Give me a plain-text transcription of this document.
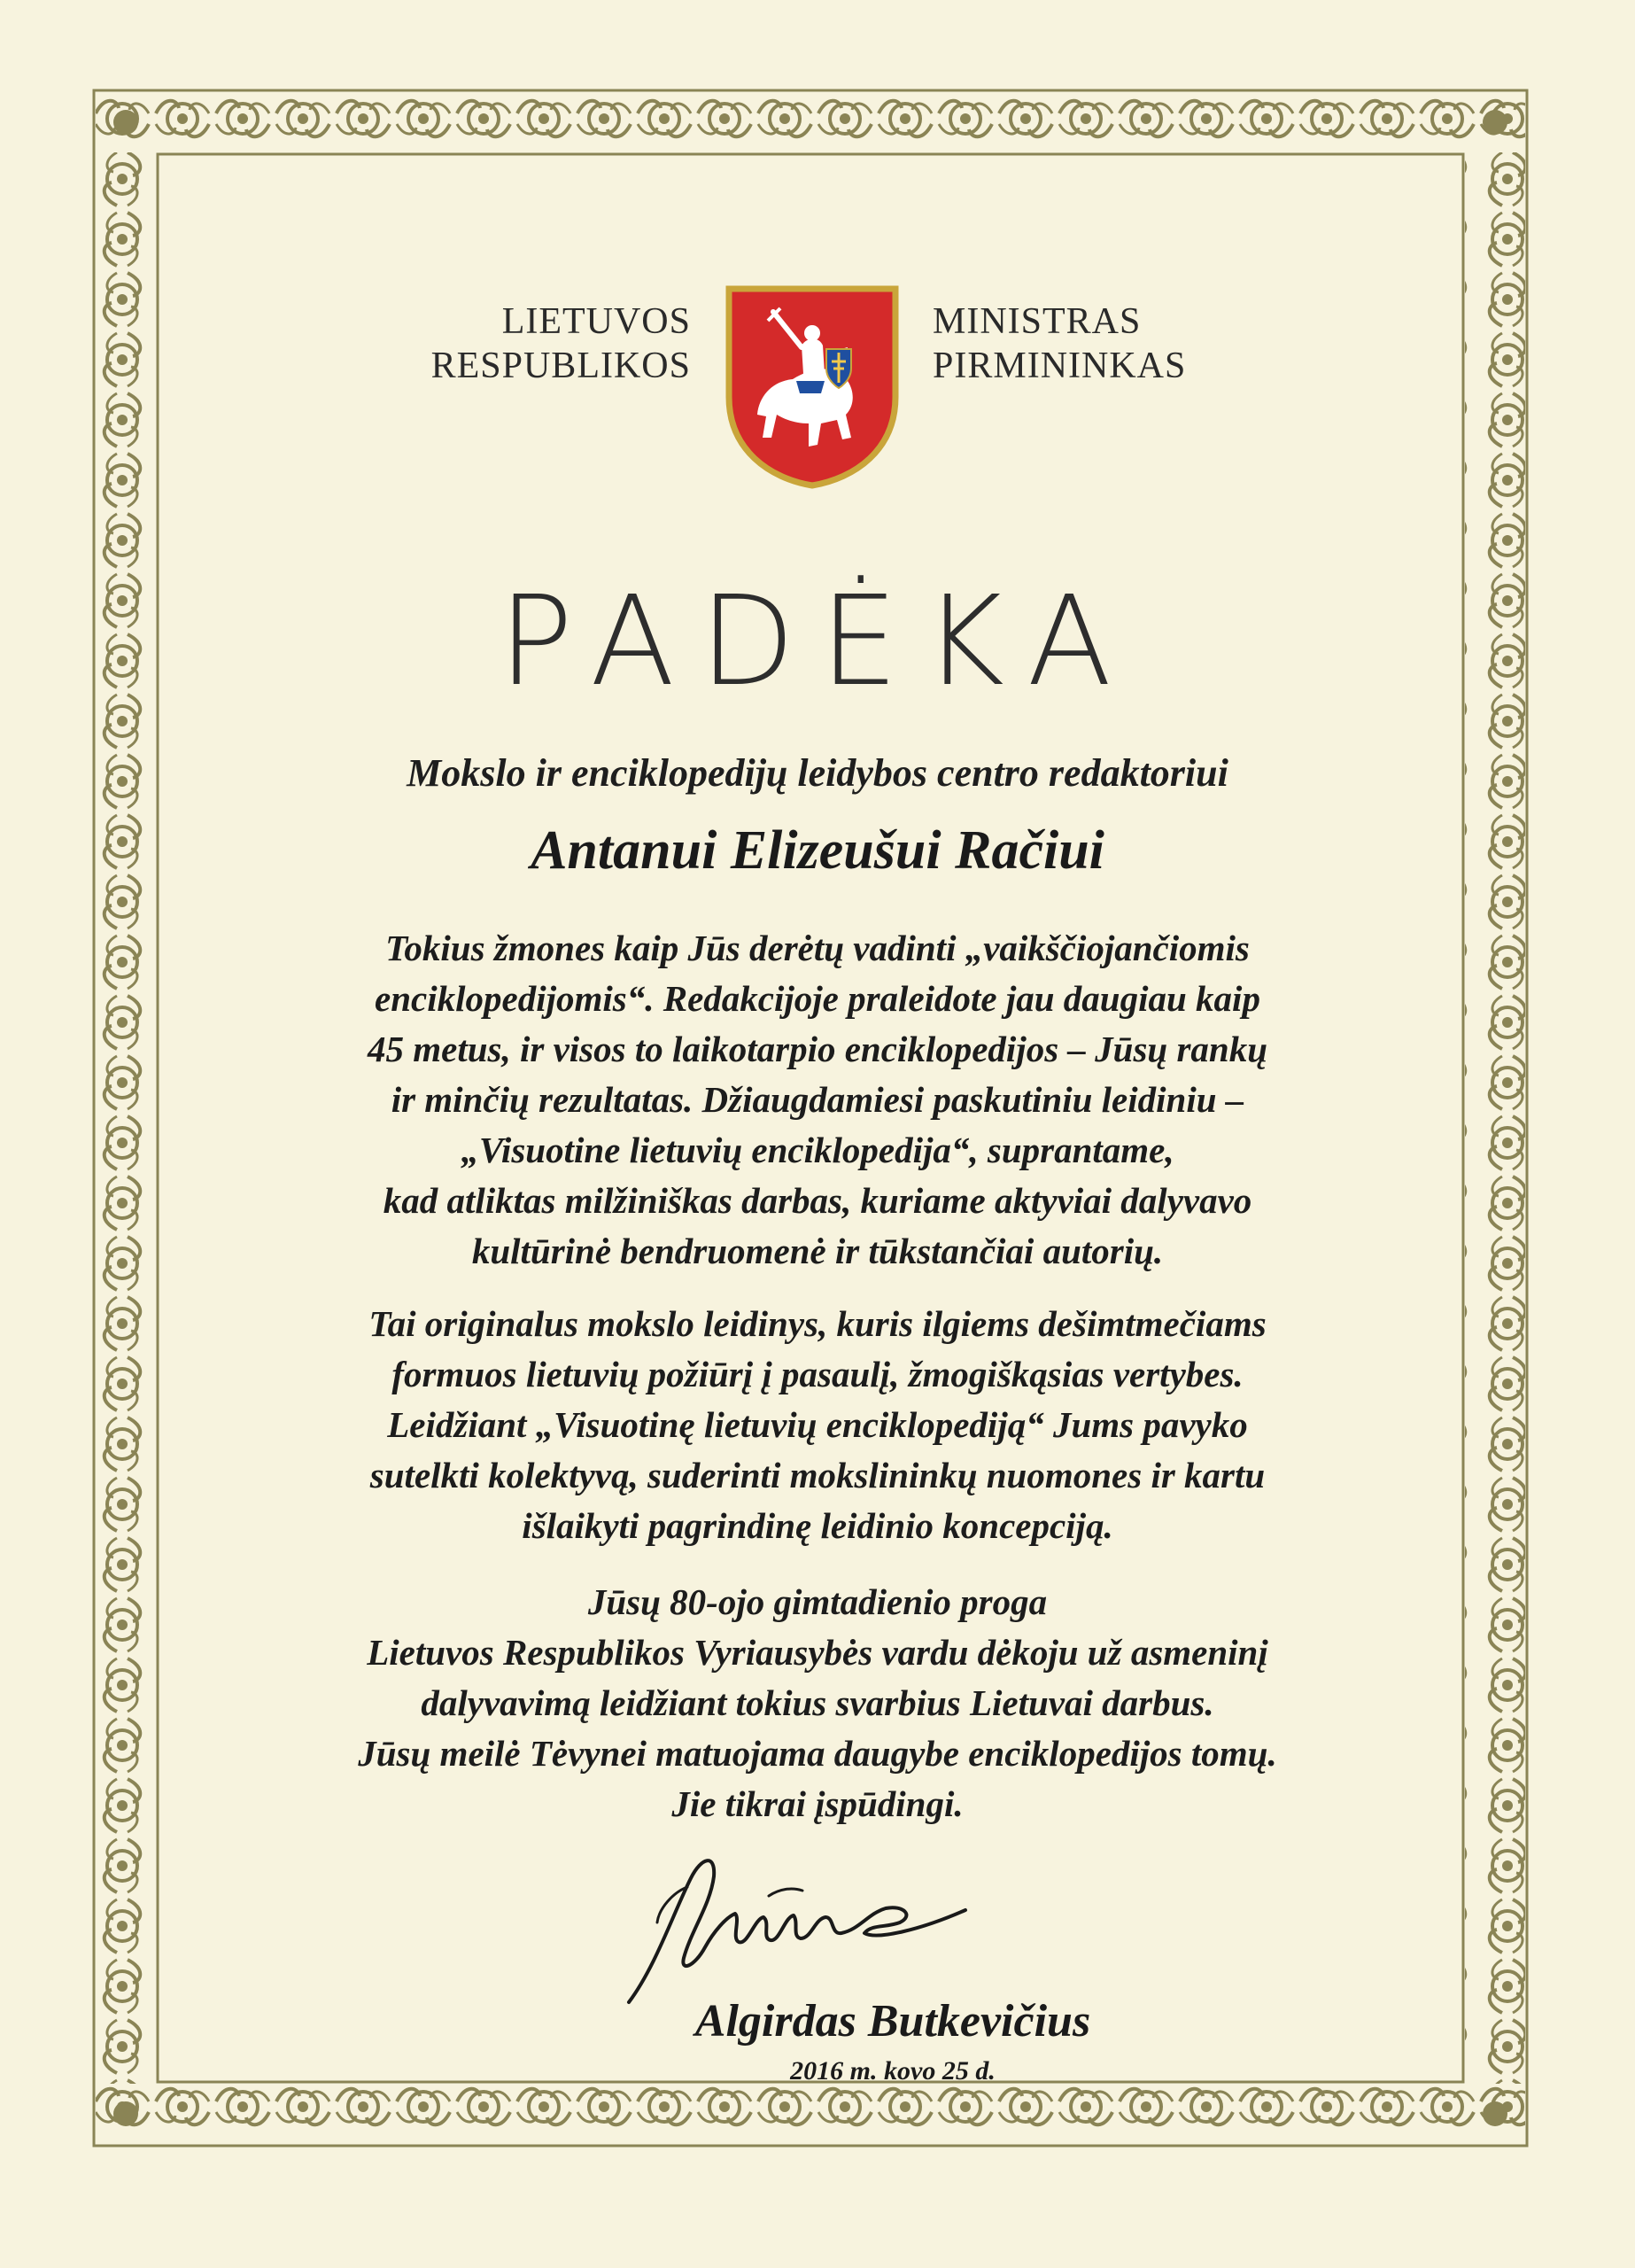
LIETUVOS
RESPUBLIKOS
MINISTRAS
PIRMININKAS
PADĖKA
Mokslo ir enciklopedijų leidybos centro redaktoriui
Antanui Elizeušui Račiui
Tokius žmones kaip Jūs derėtų vadinti „vaikščiojančiomis
enciklopedijomis“. Redakcijoje praleidote jau daugiau kaip
45 metus, ir visos to laikotarpio enciklopedijos – Jūsų rankų
ir minčių rezultatas. Džiaugdamiesi paskutiniu leidiniu –
„Visuotine lietuvių enciklopedija“, suprantame,
kad atliktas milžiniškas darbas, kuriame aktyviai dalyvavo
kultūrinė bendruomenė ir tūkstančiai autorių.
Tai originalus mokslo leidinys, kuris ilgiems dešimtmečiams
formuos lietuvių požiūrį į pasaulį, žmogiškąsias vertybes.
Leidžiant „Visuotinę lietuvių enciklopediją“ Jums pavyko
sutelkti kolektyvą, suderinti mokslininkų nuomones ir kartu
išlaikyti pagrindinę leidinio koncepciją.
Jūsų 80-ojo gimtadienio proga
Lietuvos Respublikos Vyriausybės vardu dėkoju už asmeninį
dalyvavimą leidžiant tokius svarbius Lietuvai darbus.
Jūsų meilė Tėvynei matuojama daugybe enciklopedijos tomų.
Jie tikrai įspūdingi.
Algirdas Butkevičius
2016 m. kovo 25 d.
